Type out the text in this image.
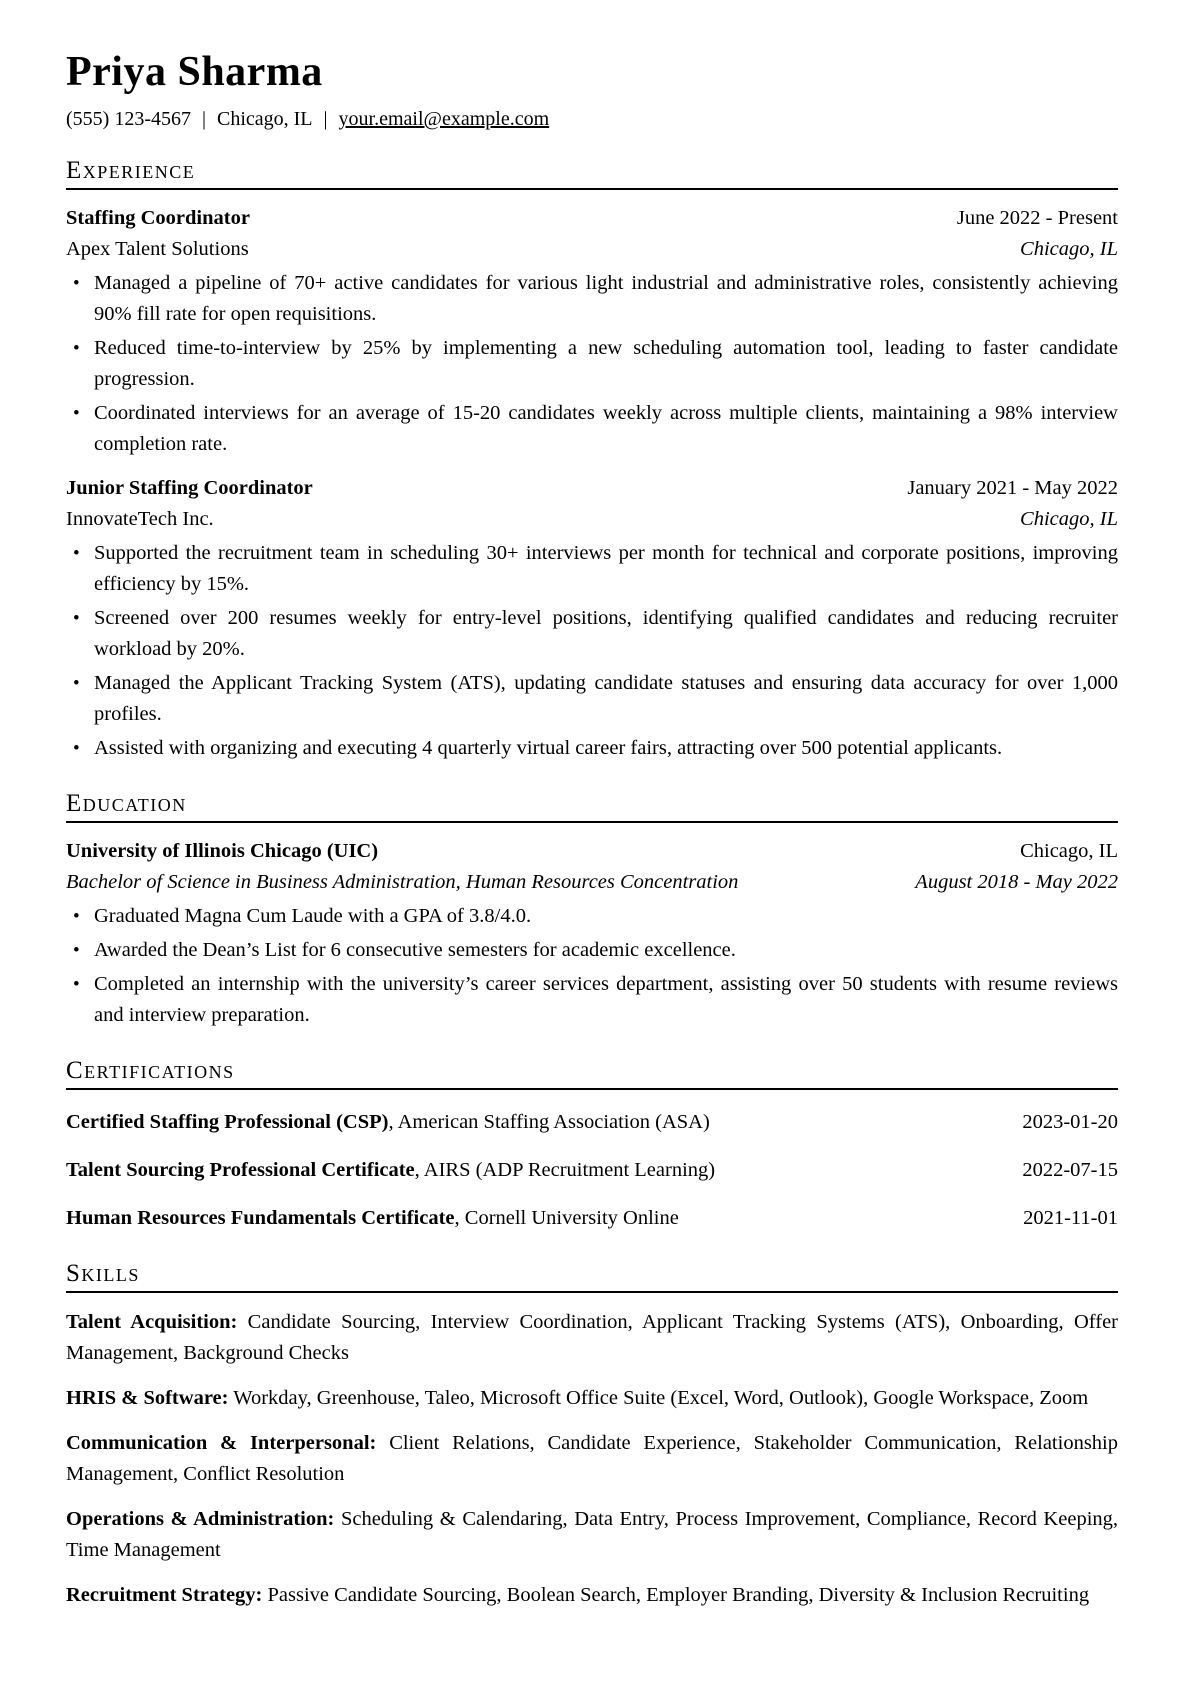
Priya Sharma
(555) 123-4567 | Chicago, IL | your.email@example.com
Experience
Staffing Coordinator	June 2022 - Present
Apex Talent Solutions	Chicago, IL
• Managed a pipeline of 70+ active candidates for various light industrial and administrative roles, consistently achieving 90% fill rate for open requisitions.
• Reduced time-to-interview by 25% by implementing a new scheduling automation tool, leading to faster candidate progression.
• Coordinated interviews for an average of 15-20 candidates weekly across multiple clients, maintaining a 98% interview completion rate.
Junior Staffing Coordinator	January 2021 - May 2022
InnovateTech Inc.	Chicago, IL
• Supported the recruitment team in scheduling 30+ interviews per month for technical and corporate positions, improving efficiency by 15%.
• Screened over 200 resumes weekly for entry-level positions, identifying qualified candidates and reducing recruiter workload by 20%.
• Managed the Applicant Tracking System (ATS), updating candidate statuses and ensuring data accuracy for over 1,000 profiles.
• Assisted with organizing and executing 4 quarterly virtual career fairs, attracting over 500 potential applicants.
Education
University of Illinois Chicago (UIC)	Chicago, IL
Bachelor of Science in Business Administration, Human Resources Concentration	August 2018 - May 2022
• Graduated Magna Cum Laude with a GPA of 3.8/4.0.
• Awarded the Dean’s List for 6 consecutive semesters for academic excellence.
• Completed an internship with the university’s career services department, assisting over 50 students with resume reviews and interview preparation.
Certifications
Certified Staffing Professional (CSP), American Staffing Association (ASA)	2023-01-20
Talent Sourcing Professional Certificate, AIRS (ADP Recruitment Learning)	2022-07-15
Human Resources Fundamentals Certificate, Cornell University Online	2021-11-01
Skills

Talent Acquisition: Candidate Sourcing, Interview Coordination, Applicant Tracking Systems (ATS), Onboarding, Offer Management, Background Checks

HRIS & Software: Workday, Greenhouse, Taleo, Microsoft Office Suite (Excel, Word, Outlook), Google Workspace, Zoom

Communication & Interpersonal: Client Relations, Candidate Experience, Stakeholder Communication, Relationship Management, Conflict Resolution

Operations & Administration: Scheduling & Calendaring, Data Entry, Process Improvement, Compliance, Record Keeping, Time Management

Recruitment Strategy: Passive Candidate Sourcing, Boolean Search, Employer Branding, Diversity & Inclusion Recruiting
